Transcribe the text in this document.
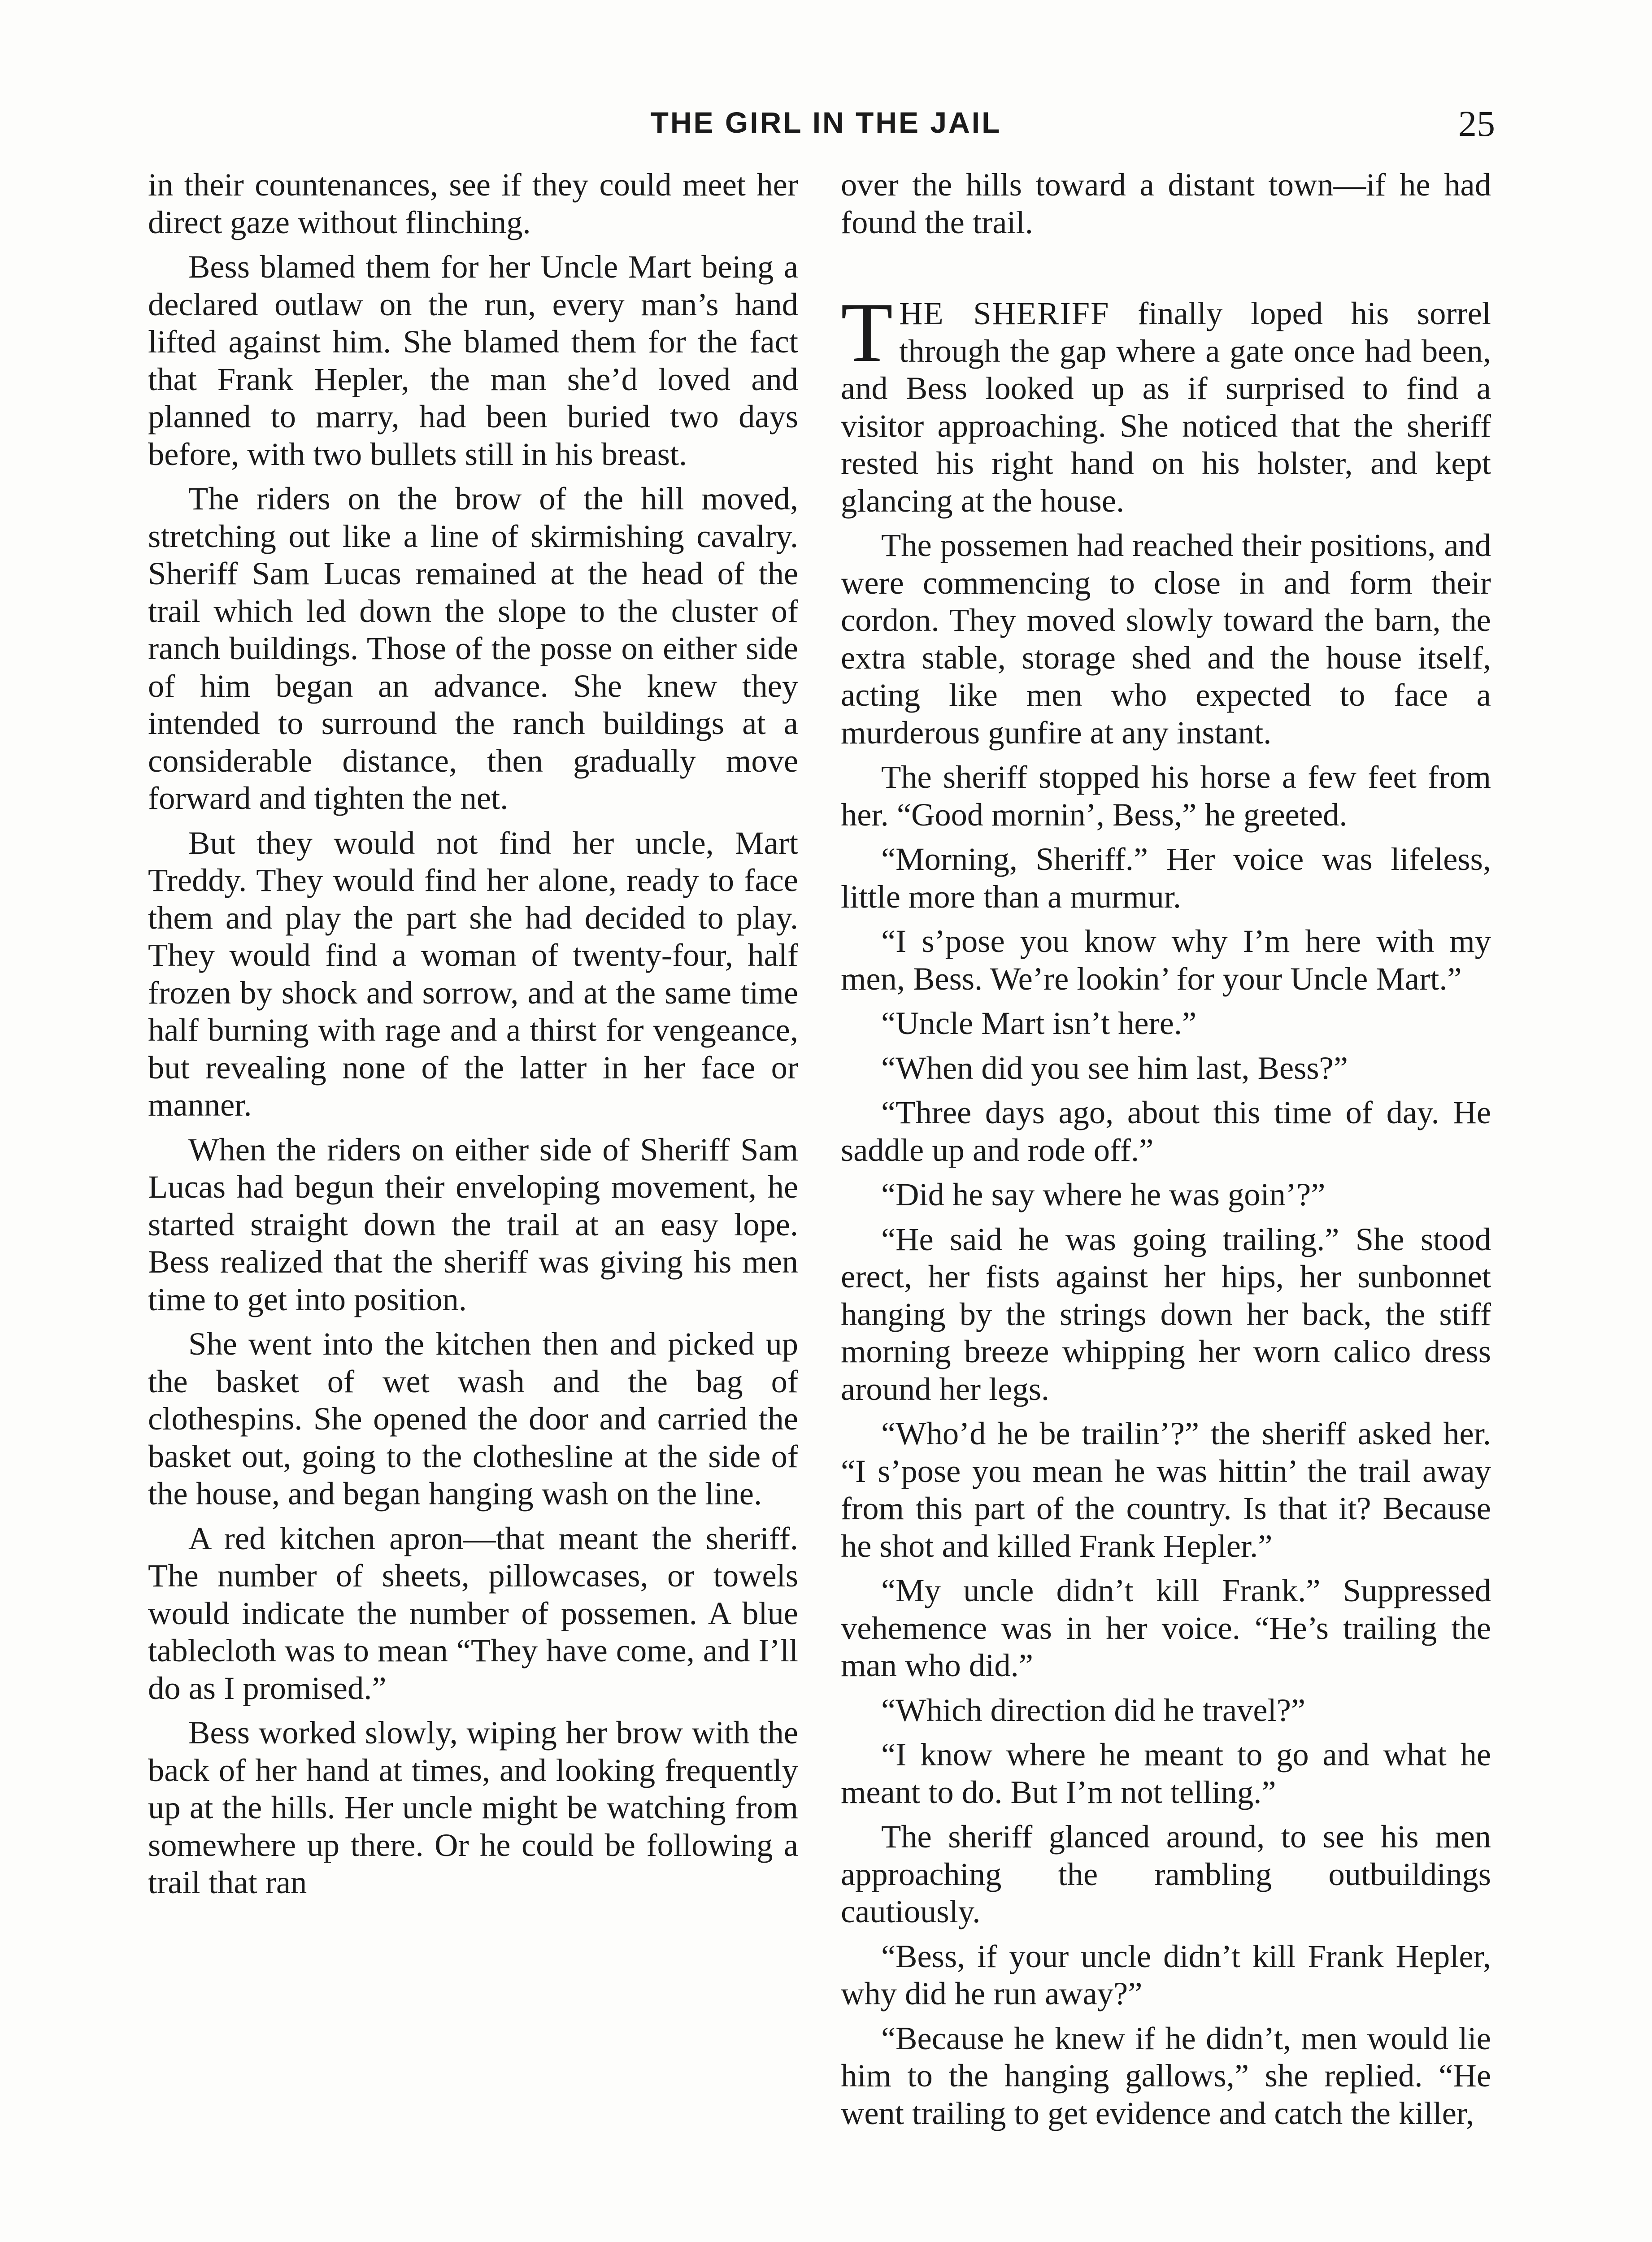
THE GIRL IN THE JAIL	25

in their countenances, see if they could meet her direct gaze without flinching.

Bess blamed them for her Uncle Mart being a declared outlaw on the run, every man’s hand lifted against him. She blamed them for the fact that Frank Hepler, the man she’d loved and planned to marry, had been buried two days before, with two bullets still in his breast.

The riders on the brow of the hill moved, stretching out like a line of skirmishing cavalry. Sheriff Sam Lucas remained at the head of the trail which led down the slope to the cluster of ranch buildings. Those of the posse on either side of him began an advance. She knew they intended to surround the ranch buildings at a considerable distance, then gradually move forward and tighten the net.

But they would not find her uncle, Mart Treddy. They would find her alone, ready to face them and play the part she had decided to play. They would find a woman of twenty-four, half frozen by shock and sorrow, and at the same time half burning with rage and a thirst for vengeance, but revealing none of the latter in her face or manner.

When the riders on either side of Sheriff Sam Lucas had begun their enveloping movement, he started straight down the trail at an easy lope. Bess realized that the sheriff was giving his men time to get into position.

She went into the kitchen then and picked up the basket of wet wash and the bag of clothespins. She opened the door and carried the basket out, going to the clothesline at the side of the house, and began hanging wash on the line.

A red kitchen apron—that meant the sheriff. The number of sheets, pillowcases, or towels would indicate the number of possemen. A blue tablecloth was to mean “They have come, and I’ll do as I promised.”

Bess worked slowly, wiping her brow with the back of her hand at times, and looking frequently up at the hills. Her uncle might be watching from somewhere up there. Or he could be following a trail that ran

over the hills toward a distant town—if he had found the trail.

THE SHERIFF finally loped his sorrel through the gap where a gate once had been, and Bess looked up as if surprised to find a visitor approaching. She noticed that the sheriff rested his right hand on his holster, and kept glancing at the house.

The possemen had reached their positions, and were commencing to close in and form their cordon. They moved slowly toward the barn, the extra stable, storage shed and the house itself, acting like men who expected to face a murderous gunfire at any instant.

The sheriff stopped his horse a few feet from her. “Good mornin’, Bess,” he greeted.

“Morning, Sheriff.” Her voice was lifeless, little more than a murmur.

“I s’pose you know why I’m here with my men, Bess. We’re lookin’ for your Uncle Mart.”

“Uncle Mart isn’t here.”

“When did you see him last, Bess?”

“Three days ago, about this time of day. He saddle up and rode off.”

“Did he say where he was goin’?”

“He said he was going trailing.” She stood erect, her fists against her hips, her sunbonnet hanging by the strings down her back, the stiff morning breeze whipping her worn calico dress around her legs.

“Who’d he be trailin’?” the sheriff asked her. “I s’pose you mean he was hittin’ the trail away from this part of the country. Is that it? Because he shot and killed Frank Hepler.”

“My uncle didn’t kill Frank.” Suppressed vehemence was in her voice. “He’s trailing the man who did.”

“Which direction did he travel?”

“I know where he meant to go and what he meant to do. But I’m not telling.”

The sheriff glanced around, to see his men approaching the rambling outbuildings cautiously.

“Bess, if your uncle didn’t kill Frank Hepler, why did he run away?”

“Because he knew if he didn’t, men would lie him to the hanging gallows,” she replied. “He went trailing to get evidence and catch the killer,
